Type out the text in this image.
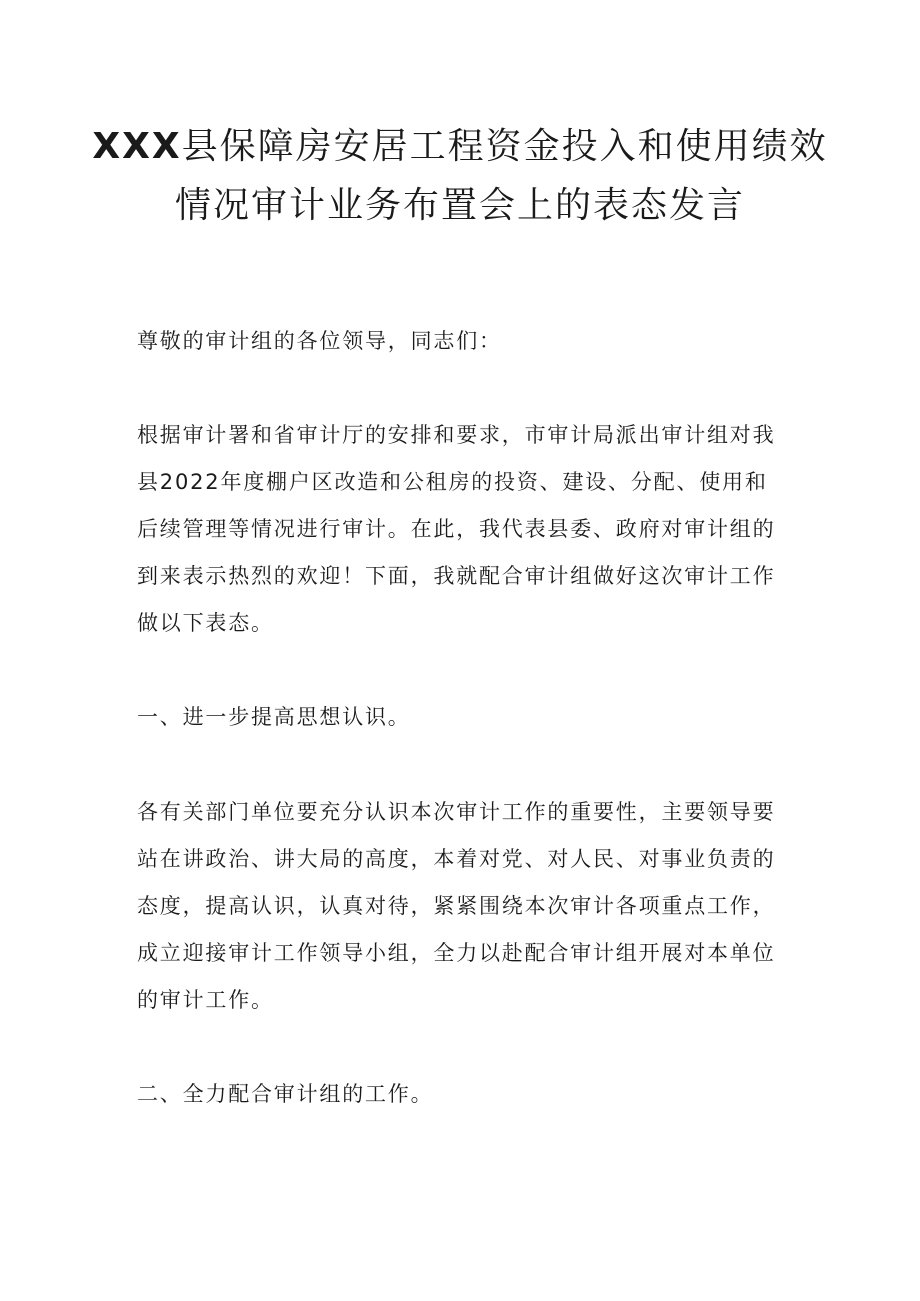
XXX县保障房安居工程资金投入和使用绩效
情况审计业务布置会上的表态发言

尊敬的审计组的各位领导，同志们：

根据审计署和省审计厅的安排和要求，市审计局派出审计组对我
县2022年度棚户区改造和公租房的投资、建设、分配、使用和
后续管理等情况进行审计。在此，我代表县委、政府对审计组的
到来表示热烈的欢迎！下面，我就配合审计组做好这次审计工作
做以下表态。

一、进一步提高思想认识。

各有关部门单位要充分认识本次审计工作的重要性，主要领导要
站在讲政治、讲大局的高度，本着对党、对人民、对事业负责的
态度，提高认识，认真对待，紧紧围绕本次审计各项重点工作，
成立迎接审计工作领导小组，全力以赴配合审计组开展对本单位
的审计工作。

二、全力配合审计组的工作。
